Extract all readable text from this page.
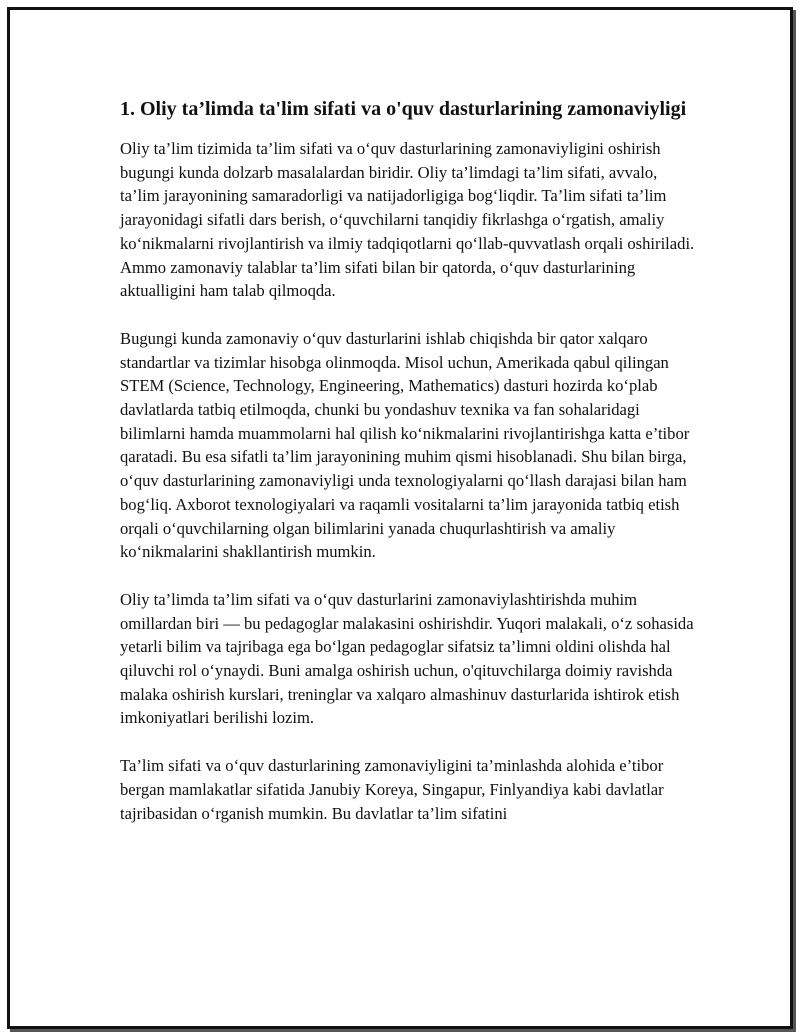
1. Oliy ta’limda ta'lim sifati va o'quv dasturlarining zamonaviyligi

Oliy ta’lim tizimida ta’lim sifati va o‘quv dasturlarining zamonaviyligini oshirish bugungi kunda dolzarb masalalardan biridir. Oliy ta’limdagi ta’lim sifati, avvalo, ta’lim jarayonining samaradorligi va natijadorligiga bog‘liqdir. Ta’lim sifati ta’lim jarayonidagi sifatli dars berish, o‘quvchilarni tanqidiy fikrlashga o‘rgatish, amaliy ko‘nikmalarni rivojlantirish va ilmiy tadqiqotlarni qo‘llab-quvvatlash orqali oshiriladi. Ammo zamonaviy talablar ta’lim sifati bilan bir qatorda, o‘quv dasturlarining aktualligini ham talab qilmoqda.

Bugungi kunda zamonaviy o‘quv dasturlarini ishlab chiqishda bir qator xalqaro standartlar va tizimlar hisobga olinmoqda. Misol uchun, Amerikada qabul qilingan STEM (Science, Technology, Engineering, Mathematics) dasturi hozirda ko‘plab davlatlarda tatbiq etilmoqda, chunki bu yondashuv texnika va fan sohalaridagi bilimlarni hamda muammolarni hal qilish ko‘nikmalarini rivojlantirishga katta e’tibor qaratadi. Bu esa sifatli ta’lim jarayonining muhim qismi hisoblanadi. Shu bilan birga, o‘quv dasturlarining zamonaviyligi unda texnologiyalarni qo‘llash darajasi bilan ham bog‘liq. Axborot texnologiyalari va raqamli vositalarni ta’lim jarayonida tatbiq etish orqali o‘quvchilarning olgan bilimlarini yanada chuqurlashtirish va amaliy ko‘nikmalarini shakllantirish mumkin.

Oliy ta’limda ta’lim sifati va o‘quv dasturlarini zamonaviylashtirishda muhim omillardan biri — bu pedagoglar malakasini oshirishdir. Yuqori malakali, o‘z sohasida yetarli bilim va tajribaga ega bo‘lgan pedagoglar sifatsiz ta’limni oldini olishda hal qiluvchi rol o‘ynaydi. Buni amalga oshirish uchun, o'qituvchilarga doimiy ravishda malaka oshirish kurslari, treninglar va xalqaro almashinuv dasturlarida ishtirok etish imkoniyatlari berilishi lozim.

Ta’lim sifati va o‘quv dasturlarining zamonaviyligini ta’minlashda alohida e’tibor bergan mamlakatlar sifatida Janubiy Koreya, Singapur, Finlyandiya kabi davlatlar tajribasidan o‘rganish mumkin. Bu davlatlar ta’lim sifatini
